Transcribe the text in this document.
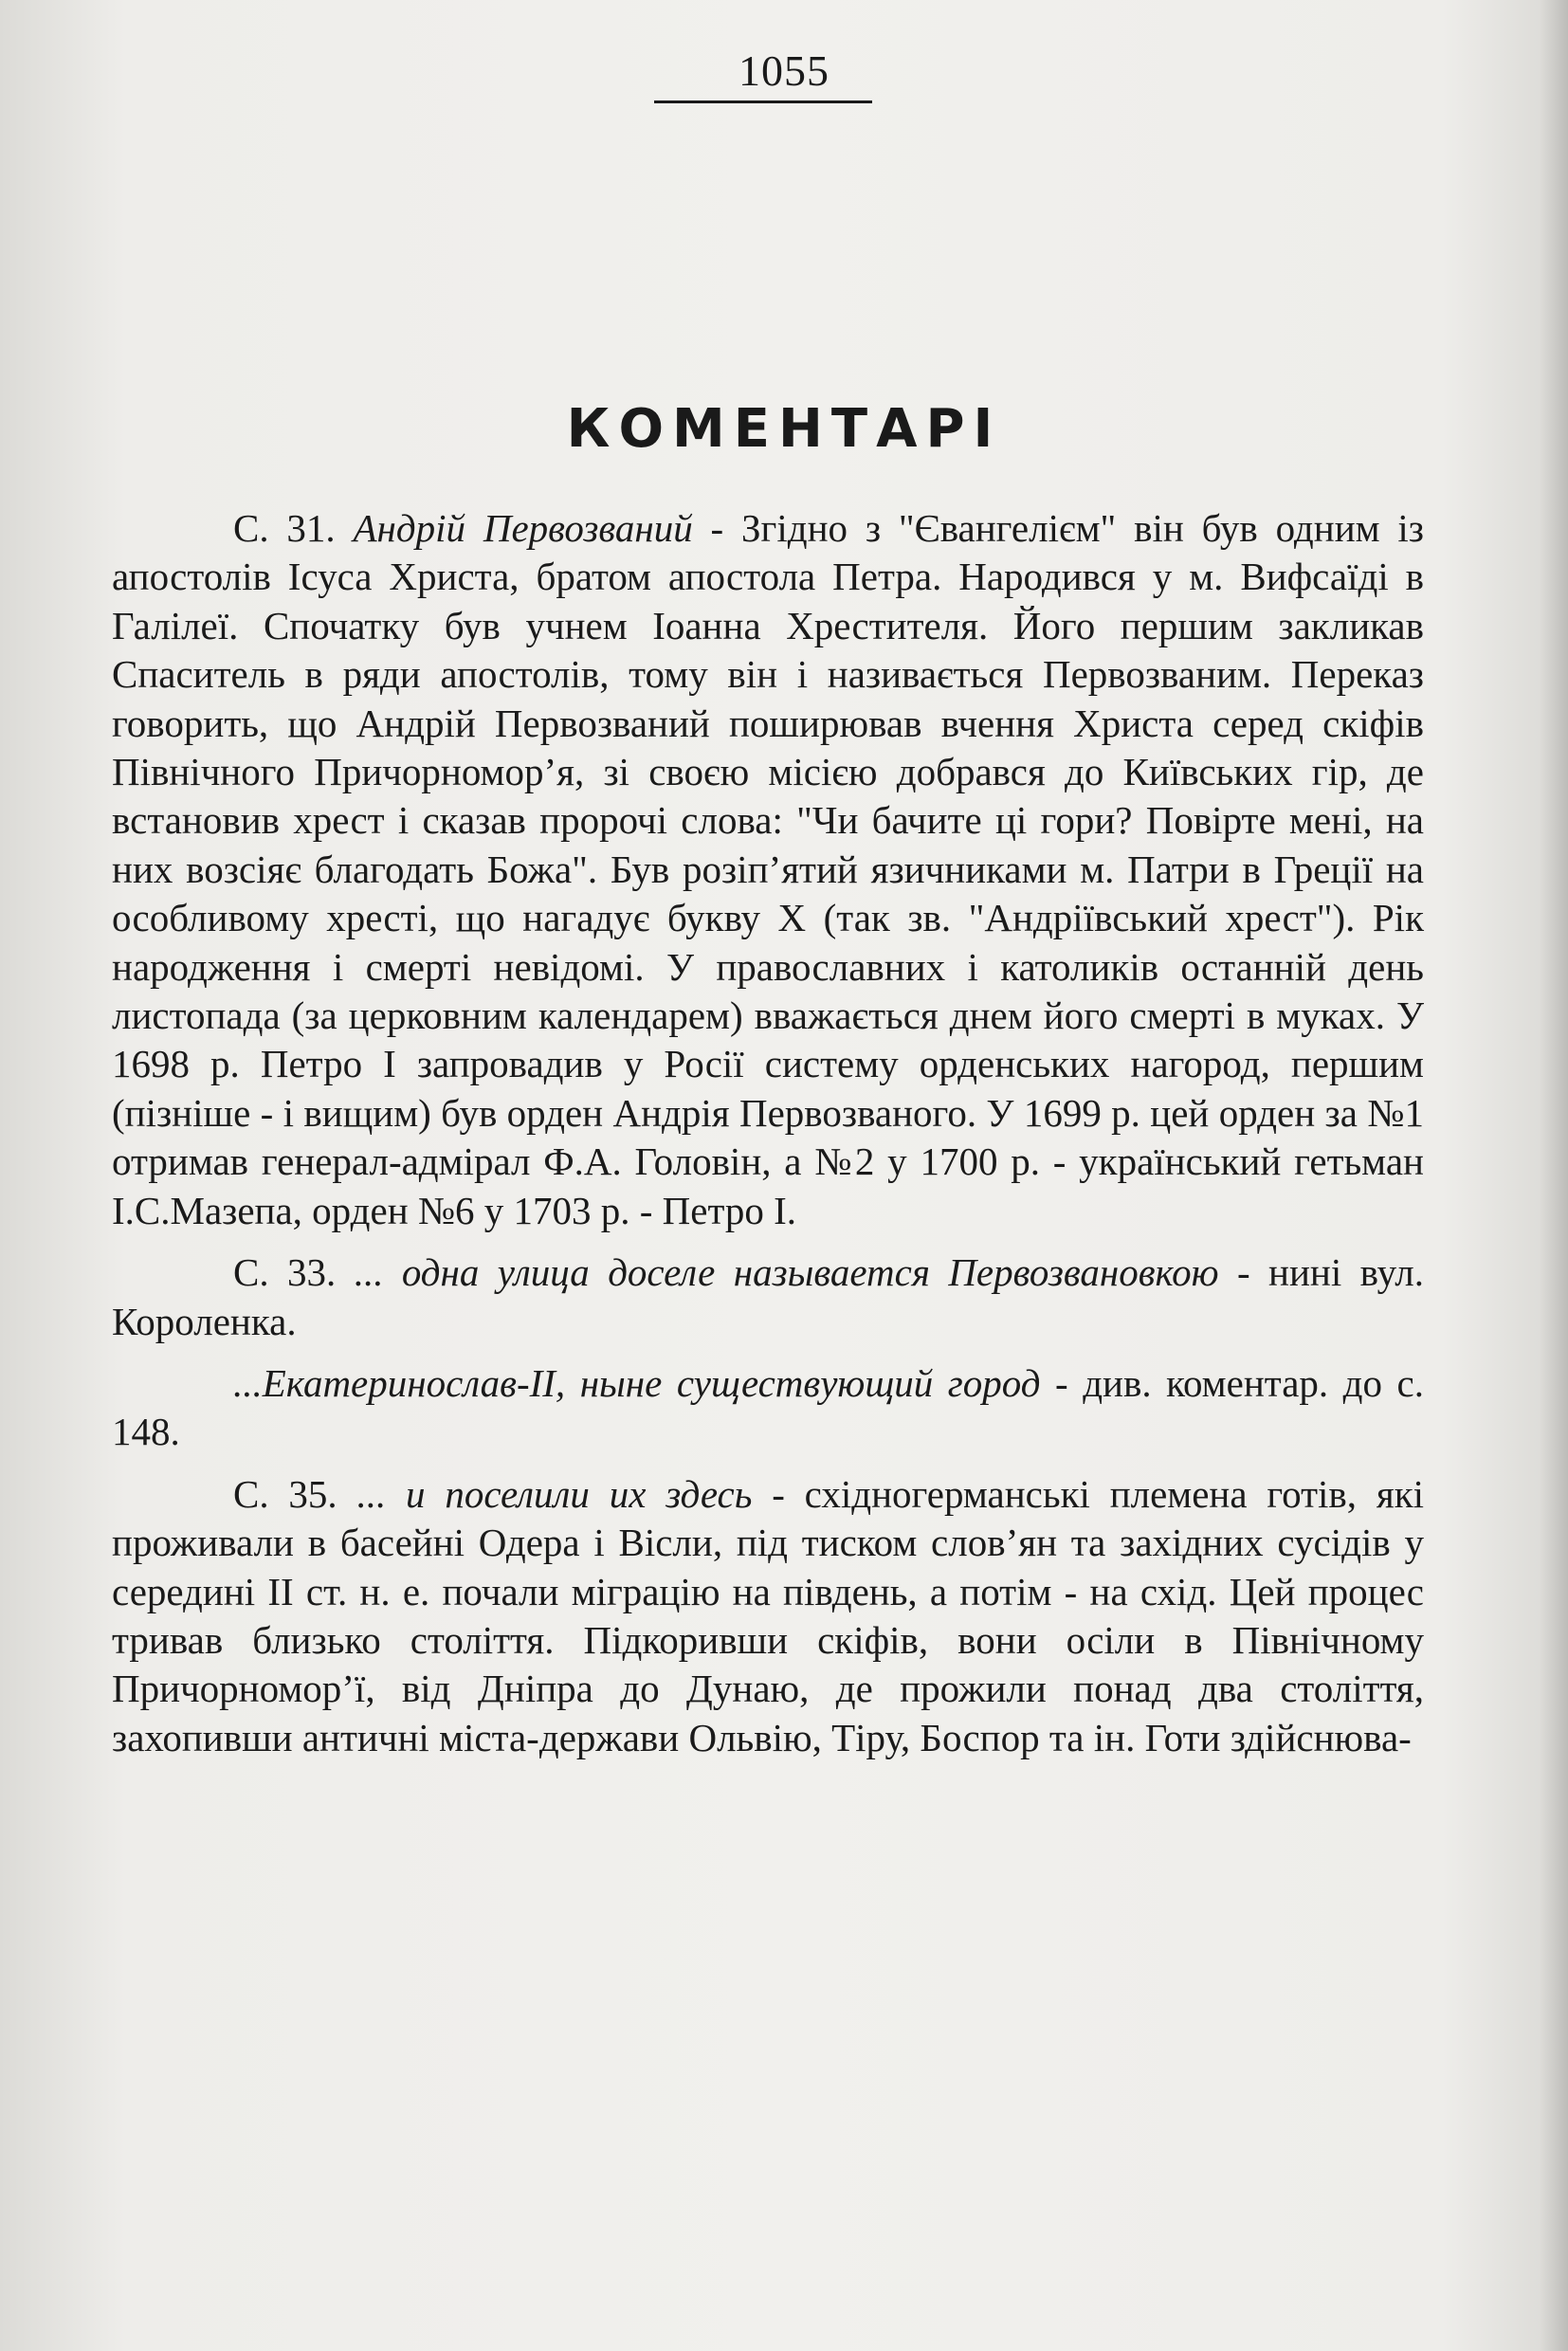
1055
КОМЕНТАРІ

С. 31. Андрій Первозваний - Згідно з "Євангелієм" він був одним із апостолів Ісуса Христа, братом апостола Петра. Народився у м. Вифсаїді в Галілеї. Спочатку був учнем Іоанна Хрестителя. Його першим закликав Спаситель в ряди апостолів, тому він і називається Первозваним. Переказ говорить, що Андрій Первозваний поширював вчення Христа серед скіфів Північного Причорномор’я, зі своєю місією добрався до Київських гір, де встановив хрест і сказав пророчі слова: "Чи бачите ці гори? Повірте мені, на них возсіяє благодать Божа". Був розіп’ятий язичниками м. Патри в Греції на особливому хресті, що нагадує букву Х (так зв. "Андріївський хрест"). Рік народження і смерті невідомі. У православних і католиків останній день листопада (за церковним календарем) вважається днем його смерті в муках. У 1698 р. Петро І запровадив у Росії систему орденських нагород, першим (пізніше - і вищим) був орден Андрія Первозваного. У 1699 р. цей орден за №1 отримав генерал-адмірал Ф.А. Головін, а №2 у 1700 р. - український гетьман І.С.Мазепа, орден №6 у 1703 р. - Петро І.

С. 33. ... одна улица доселе называется Первозвановкою - нині вул. Короленка.

...Екатеринослав-II, ныне существующий город - див. коментар. до с. 148.

С. 35. ... и поселили их здесь - східногерманські племена готів, які проживали в басейні Одера і Вісли, під тиском слов’ян та західних сусідів у середині II ст. н. е. почали міграцію на південь, а потім - на схід. Цей процес тривав близько століття. Підкоривши скіфів, вони осіли в Північному Причорномор’ї, від Дніпра до Дунаю, де прожили понад два століття, захопивши античні міста-держави Ольвію, Тіру, Боспор та ін. Готи здійснюва-
